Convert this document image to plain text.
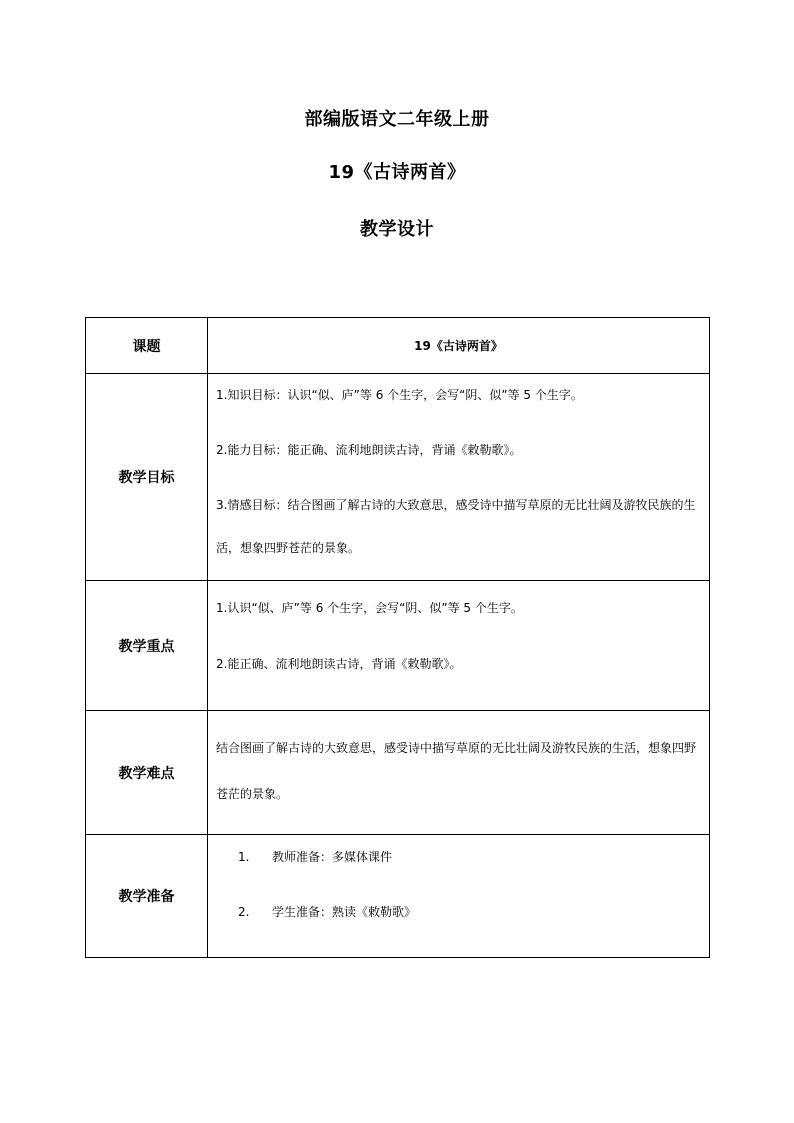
部编版语文二年级上册
19《古诗两首》
教学设计
课题	19《古诗两首》
教学目标	1.知识目标：认识“似、庐”等 6 个生字，会写“阴、似”等 5 个生字。

2.能力目标：能正确、流利地朗读古诗，背诵《敕勒歌》。

3.情感目标：结合图画了解古诗的大致意思，感受诗中描写草原的无比壮阔及游牧民族的生活，想象四野苍茫的景象。

教学重点	1.认识“似、庐”等 6 个生字，会写“阴、似”等 5 个生字。

2.能正确、流利地朗读古诗，背诵《敕勒歌》。

教学难点	结合图画了解古诗的大致意思，感受诗中描写草原的无比壮阔及游牧民族的生活，想象四野苍茫的景象。

教学准备	1. 教师准备：多媒体课件
2. 学生准备：熟读《敕勒歌》
